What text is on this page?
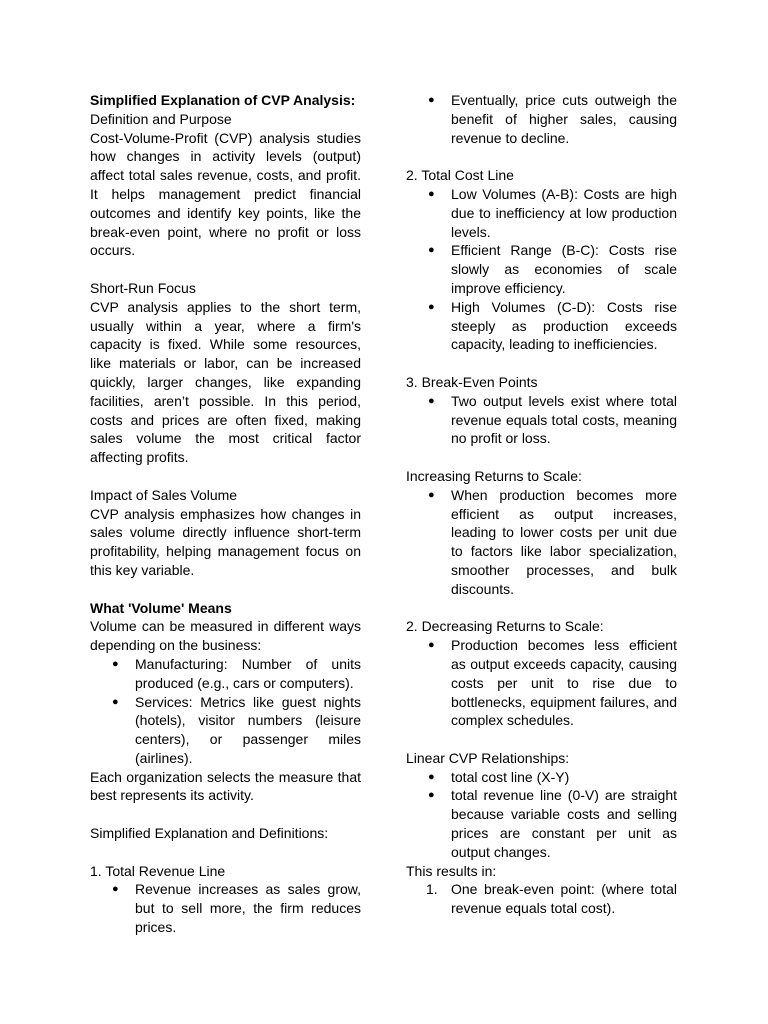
Simplified Explanation of CVP Analysis:

Definition and Purpose

Cost-Volume-Profit (CVP) analysis studies how changes in activity levels (output) affect total sales revenue, costs, and profit. It helps management predict financial outcomes and identify key points, like the break-even point, where no profit or loss occurs.

Short-Run Focus

CVP analysis applies to the short term, usually within a year, where a firm's capacity is fixed. While some resources, like materials or labor, can be increased quickly, larger changes, like expanding facilities, aren’t possible. In this period, costs and prices are often fixed, making sales volume the most critical factor affecting profits.

Impact of Sales Volume

CVP analysis emphasizes how changes in sales volume directly influence short-term profitability, helping management focus on this key variable.

What 'Volume' Means

Volume can be measured in different ways depending on the business:

● Manufacturing: Number of units produced (e.g., cars or computers).
● Services: Metrics like guest nights (hotels), visitor numbers (leisure centers), or passenger miles (airlines).

Each organization selects the measure that best represents its activity.

Simplified Explanation and Definitions:

1. Total Revenue Line

● Revenue increases as sales grow, but to sell more, the firm reduces prices.
● Eventually, price cuts outweigh the benefit of higher sales, causing revenue to decline.

2. Total Cost Line

● Low Volumes (A-B): Costs are high due to inefficiency at low production levels.
● Efficient Range (B-C): Costs rise slowly as economies of scale improve efficiency.
● High Volumes (C-D): Costs rise steeply as production exceeds capacity, leading to inefficiencies.

3. Break-Even Points

● Two output levels exist where total revenue equals total costs, meaning no profit or loss.

Increasing Returns to Scale:

● When production becomes more efficient as output increases, leading to lower costs per unit due to factors like labor specialization, smoother processes, and bulk discounts.

2. Decreasing Returns to Scale:

● Production becomes less efficient as output exceeds capacity, causing costs per unit to rise due to bottlenecks, equipment failures, and complex schedules.

Linear CVP Relationships:

● total cost line (X-Y)
● total revenue line (0-V) are straight because variable costs and selling prices are constant per unit as output changes.

This results in:

1. One break-even point: (where total revenue equals total cost).
